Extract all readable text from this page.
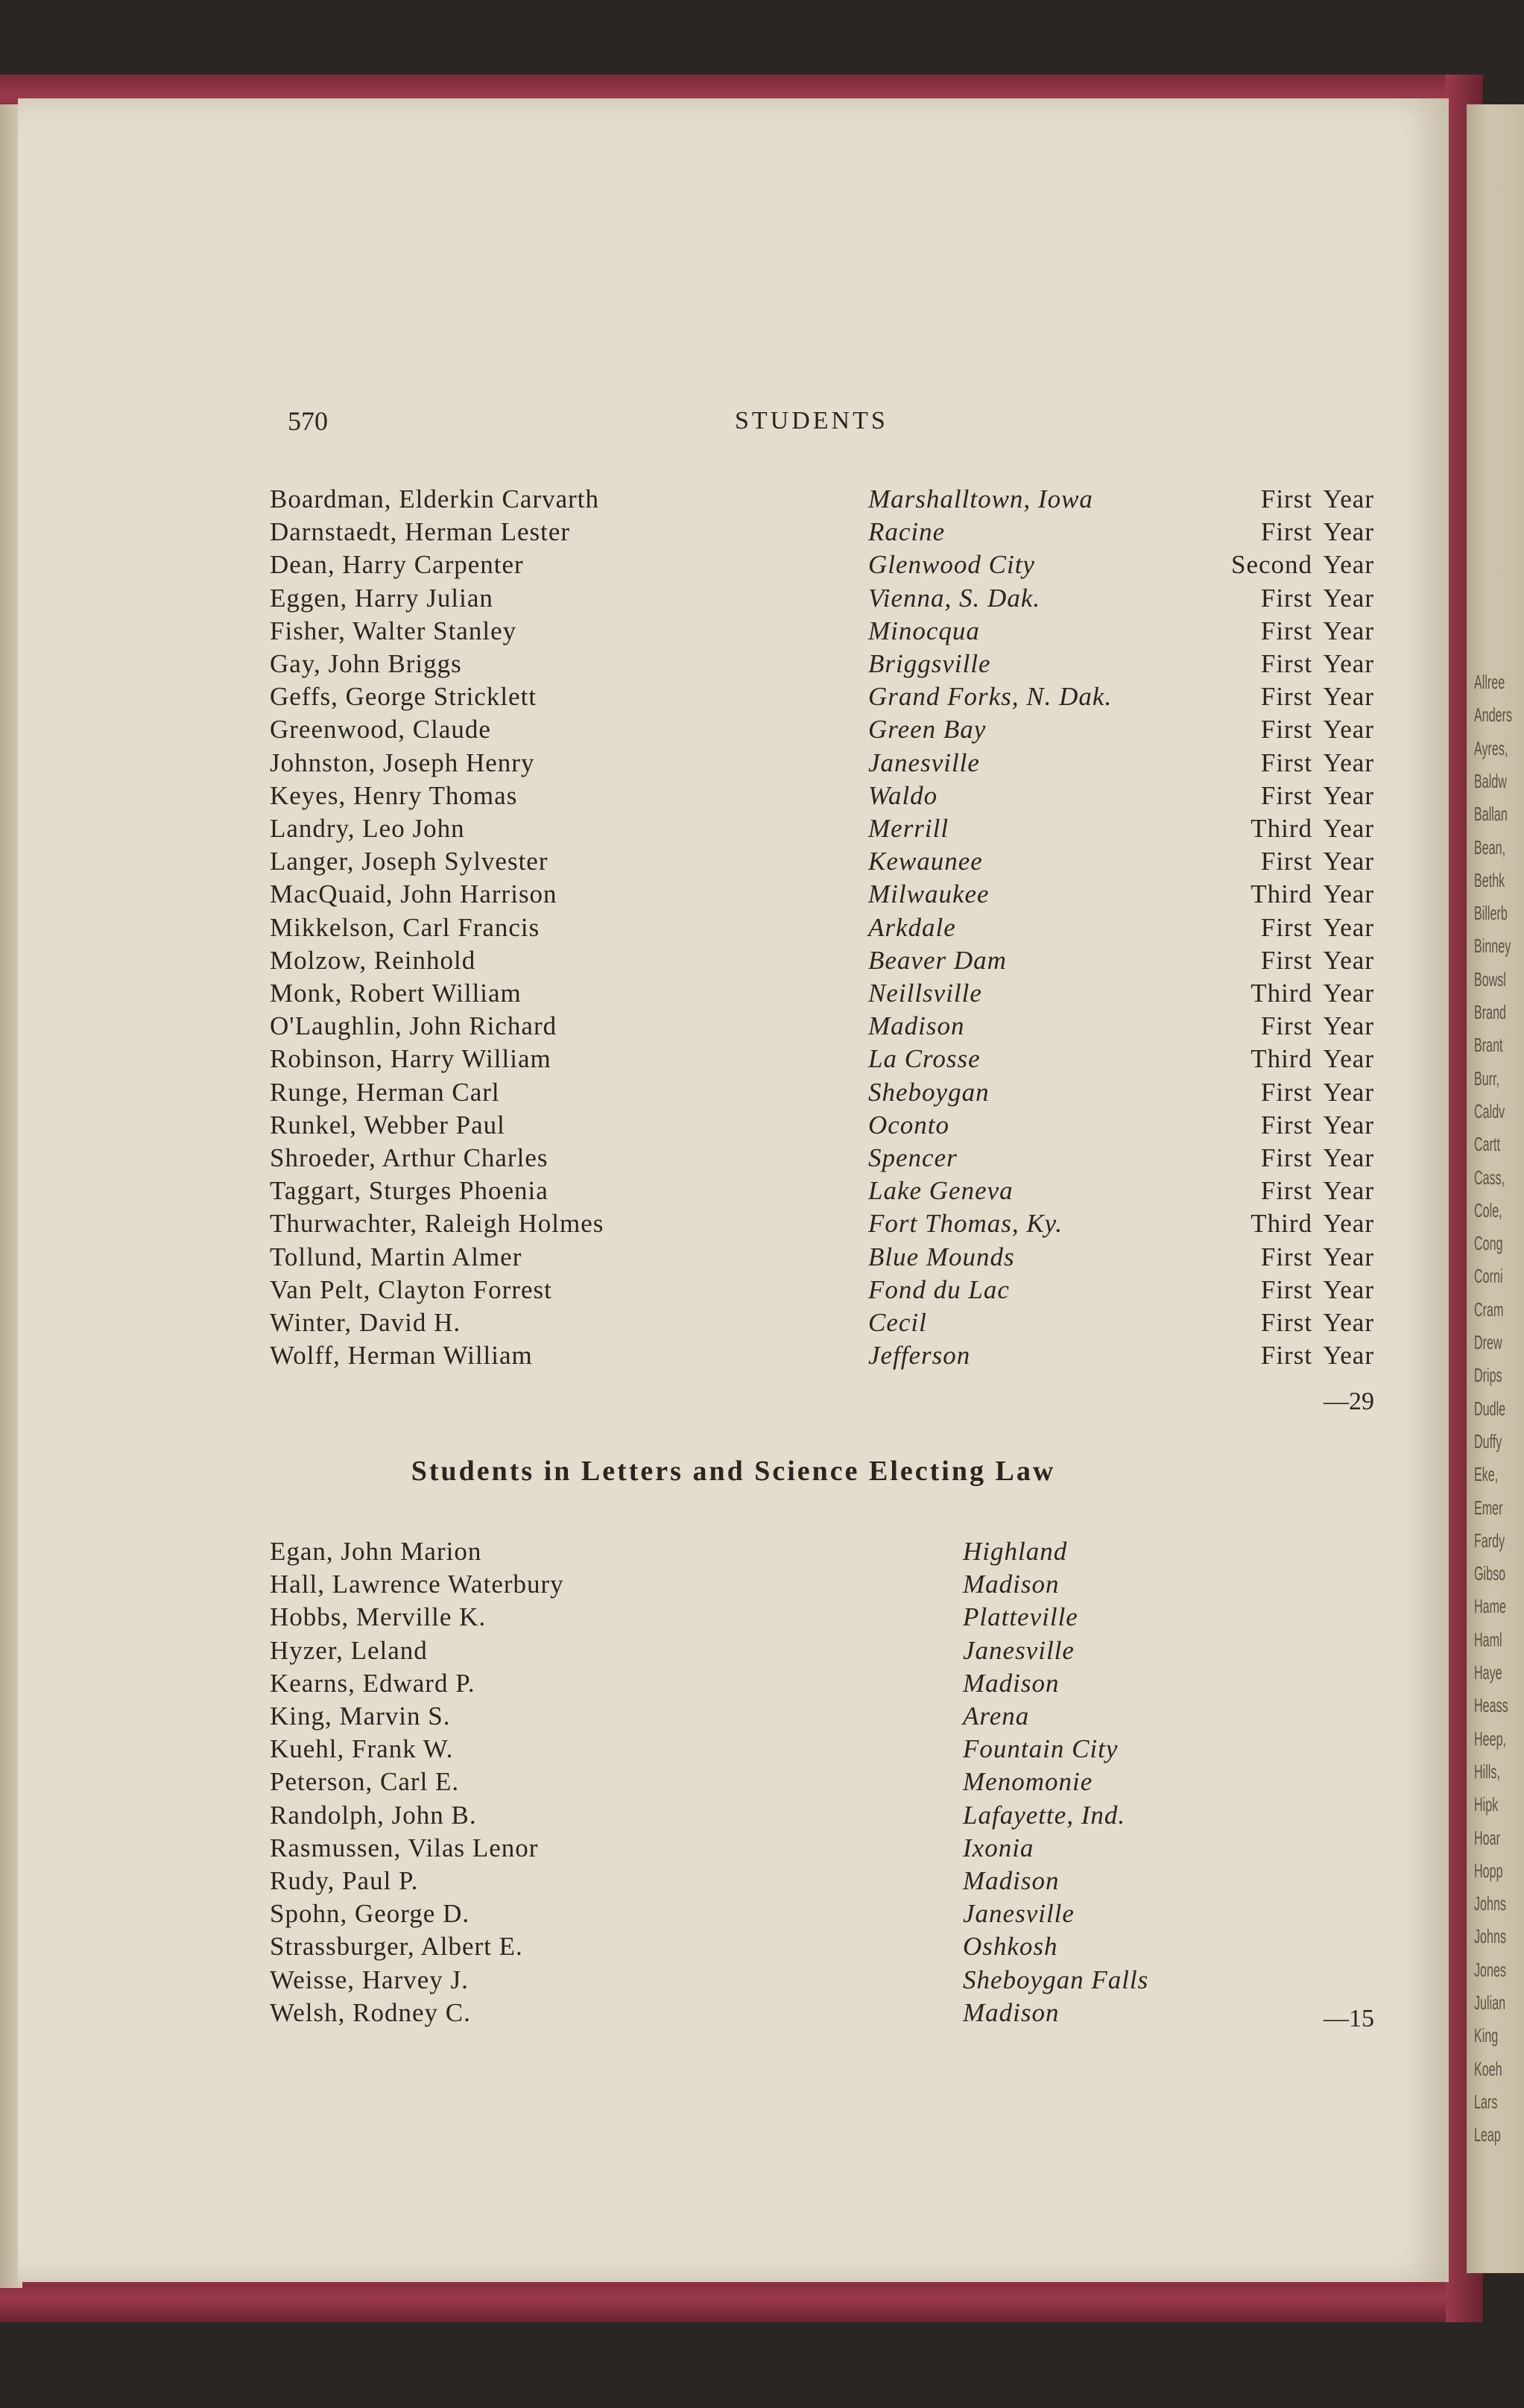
Allree
Anders
Ayres,
Baldw
Ballan
Bean,
Bethk
Billerb
Binney
Bowsl
Brand
Brant
Burr,
Caldv
Cartt
Cass,
Cole,
Cong
Corni
Cram
Drew
Drips
Dudle
Duffy
Eke,
Emer
Fardy
Gibso
Hame
Haml
Haye
Heass
Heep,
Hills,
Hipk
Hoar
Hopp
Johns
Johns
Jones
Julian
King
Koeh
Lars
Leap
570	STUDENTS
Boardman, Elderkin Carvarth	Marshalltown, Iowa	First Year
Darnstaedt, Herman Lester	Racine	First Year
Dean, Harry Carpenter	Glenwood City	Second Year
Eggen, Harry Julian	Vienna, S. Dak.	First Year
Fisher, Walter Stanley	Minocqua	First Year
Gay, John Briggs	Briggsville	First Year
Geffs, George Stricklett	Grand Forks, N. Dak.	First Year
Greenwood, Claude	Green Bay	First Year
Johnston, Joseph Henry	Janesville	First Year
Keyes, Henry Thomas	Waldo	First Year
Landry, Leo John	Merrill	Third Year
Langer, Joseph Sylvester	Kewaunee	First Year
MacQuaid, John Harrison	Milwaukee	Third Year
Mikkelson, Carl Francis	Arkdale	First Year
Molzow, Reinhold	Beaver Dam	First Year
Monk, Robert William	Neillsville	Third Year
O'Laughlin, John Richard	Madison	First Year
Robinson, Harry William	La Crosse	Third Year
Runge, Herman Carl	Sheboygan	First Year
Runkel, Webber Paul	Oconto	First Year
Shroeder, Arthur Charles	Spencer	First Year
Taggart, Sturges Phoenia	Lake Geneva	First Year
Thurwachter, Raleigh Holmes	Fort Thomas, Ky.	Third Year
Tollund, Martin Almer	Blue Mounds	First Year
Van Pelt, Clayton Forrest	Fond du Lac	First Year
Winter, David H.	Cecil	First Year
Wolff, Herman William	Jefferson	First Year
—29
Students in Letters and Science Electing Law
Egan, John Marion	Highland
Hall, Lawrence Waterbury	Madison
Hobbs, Merville K.	Platteville
Hyzer, Leland	Janesville
Kearns, Edward P.	Madison
King, Marvin S.	Arena
Kuehl, Frank W.	Fountain City
Peterson, Carl E.	Menomonie
Randolph, John B.	Lafayette, Ind.
Rasmussen, Vilas Lenor	Ixonia
Rudy, Paul P.	Madison
Spohn, George D.	Janesville
Strassburger, Albert E.	Oshkosh
Weisse, Harvey J.	Sheboygan Falls
Welsh, Rodney C.	Madison	—15
